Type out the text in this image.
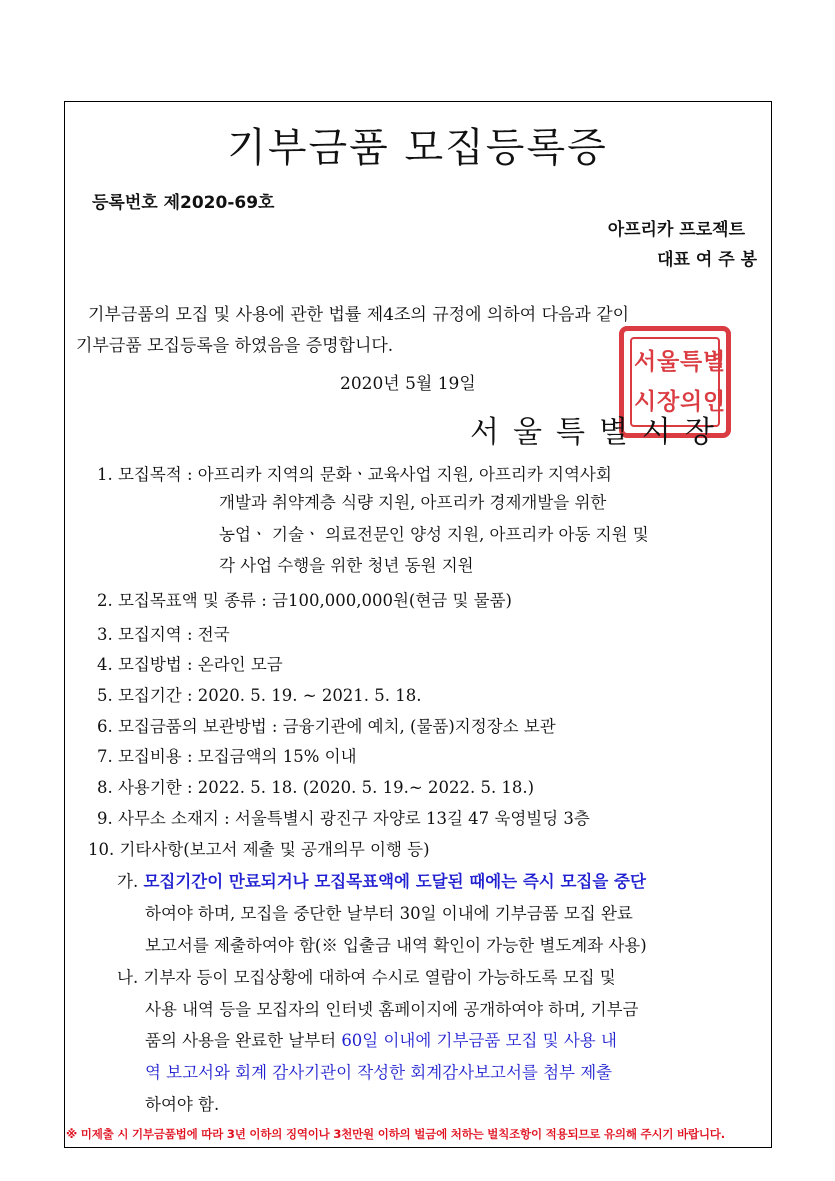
기부금품 모집등록증
등록번호 제2020-69호
아프리카 프로젝트
대표 여 주 봉
기부금품의 모집 및 사용에 관한 법률 제4조의 규정에 의하여 다음과 같이
기부금품 모집등록을 하였음을 증명합니다.
서 울 특 별
시 장 의 인
2020년 5월 19일
서울특별시장
1. 모집목적 : 아프리카 지역의 문화ㆍ교육사업 지원, 아프리카 지역사회
개발과 취약계층 식량 지원, 아프리카 경제개발을 위한
농업ㆍ 기술ㆍ 의료전문인 양성 지원, 아프리카 아동 지원 및
각 사업 수행을 위한 청년 동원 지원
2. 모집목표액 및 종류 : 금100,000,000원(현금 및 물품)
3. 모집지역 : 전국
4. 모집방법 : 온라인 모금
5. 모집기간 : 2020. 5. 19. ~ 2021. 5. 18.
6. 모집금품의 보관방법 : 금융기관에 예치, (물품)지정장소 보관
7. 모집비용 : 모집금액의 15% 이내
8. 사용기한 : 2022. 5. 18. (2020. 5. 19.~ 2022. 5. 18.)
9. 사무소 소재지 : 서울특별시 광진구 자양로 13길 47 욱영빌딩 3층
10. 기타사항(보고서 제출 및 공개의무 이행 등)
가. 모집기간이 만료되거나 모집목표액에 도달된 때에는 즉시 모집을 중단
하여야 하며, 모집을 중단한 날부터 30일 이내에 기부금품 모집 완료
보고서를 제출하여야 함(※ 입출금 내역 확인이 가능한 별도계좌 사용)
나. 기부자 등이 모집상황에 대하여 수시로 열람이 가능하도록 모집 및
사용 내역 등을 모집자의 인터넷 홈페이지에 공개하여야 하며, 기부금
품의 사용을 완료한 날부터 60일 이내에 기부금품 모집 및 사용 내
역 보고서와 회계 감사기관이 작성한 회계감사보고서를 첨부 제출
하여야 함.
※ 미제출 시 기부금품법에 따라 3년 이하의 징역이나 3천만원 이하의 벌금에 처하는 벌칙조항이 적용되므로 유의해 주시기 바랍니다.
